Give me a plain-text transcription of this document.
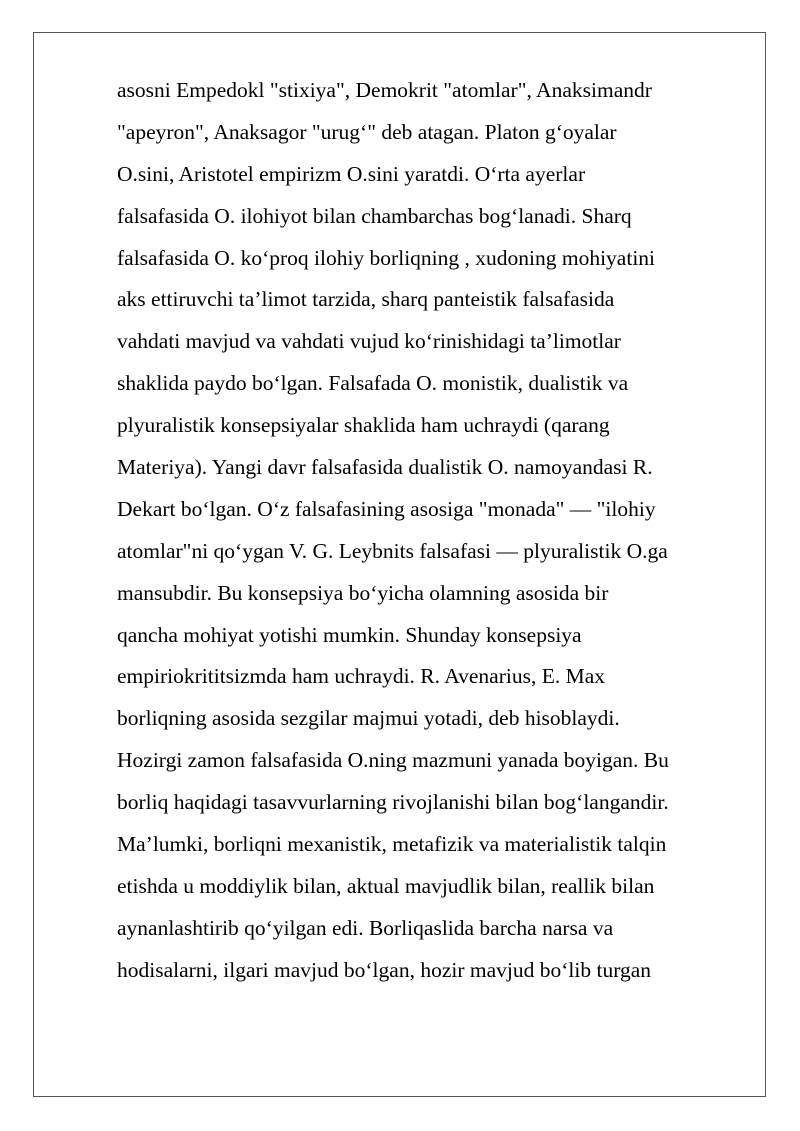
asosni Empedokl "stixiya", Demokrit "atomlar", Anaksimandr
"apeyron", Anaksagor "urug‘" deb atagan. Platon g‘oyalar
O.sini, Aristotel empirizm O.sini yaratdi. O‘rta ayerlar
falsafasida O. ilohiyot bilan chambarchas bog‘lanadi. Sharq
falsafasida O. ko‘proq ilohiy borliqning , xudoning mohiyatini
aks ettiruvchi ta’limot tarzida, sharq panteistik falsafasida
vahdati mavjud va vahdati vujud ko‘rinishidagi ta’limotlar
shaklida paydo bo‘lgan. Falsafada O. monistik, dualistik va
plyuralistik konsepsiyalar shaklida ham uchraydi (qarang
Materiya). Yangi davr falsafasida dualistik O. namoyandasi R.
Dekart bo‘lgan. O‘z falsafasining asosiga "monada" — "ilohiy
atomlar"ni qo‘ygan V. G. Leybnits falsafasi — plyuralistik O.ga
mansubdir. Bu konsepsiya bo‘yicha olamning asosida bir
qancha mohiyat yotishi mumkin. Shunday konsepsiya
empiriokrititsizmda ham uchraydi. R. Avenarius, E. Max
borliqning asosida sezgilar majmui yotadi, deb hisoblaydi.
Hozirgi zamon falsafasida O.ning mazmuni yanada boyigan. Bu
borliq haqidagi tasavvurlarning rivojlanishi bilan bog‘langandir.
Ma’lumki, borliqni mexanistik, metafizik va materialistik talqin
etishda u moddiylik bilan, aktual mavjudlik bilan, reallik bilan
aynanlashtirib qo‘yilgan edi. Borliqaslida barcha narsa va
hodisalarni, ilgari mavjud bo‘lgan, hozir mavjud bo‘lib turgan
